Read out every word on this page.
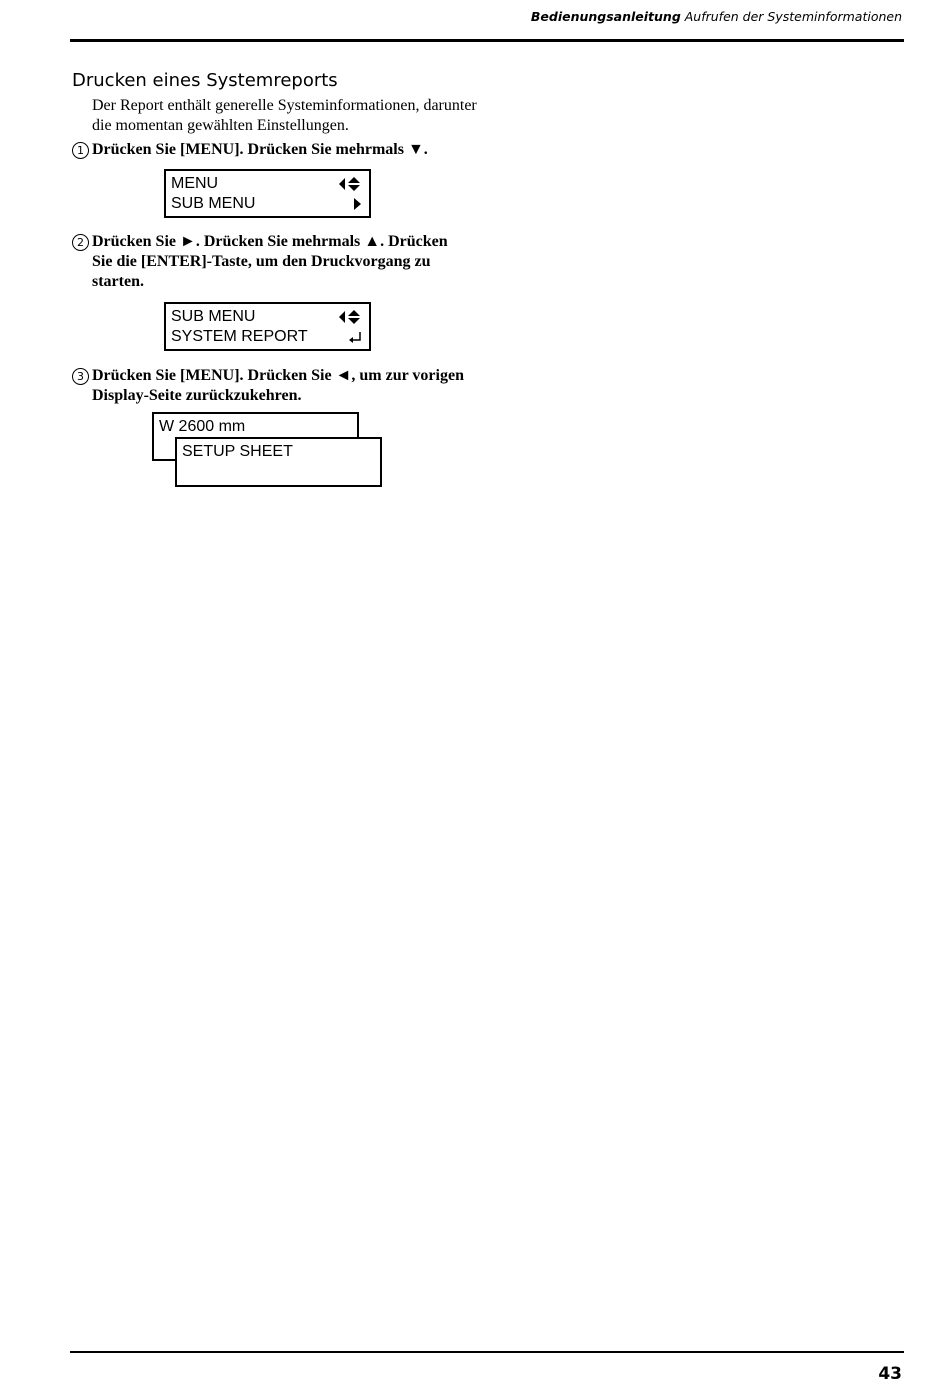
Bedienungsanleitung Aufrufen der Systeminformationen
Drucken eines Systemreports

Der Report enthält generelle Systeminformationen, darunter die momentan gewählten Einstellungen.

1 Drücken Sie [MENU]. Drücken Sie mehrmals ▼.
MENU
SUB MENU
2 Drücken Sie ►. Drücken Sie mehrmals ▲. Drücken Sie die [ENTER]-Taste, um den Druckvorgang zu starten.
SUB MENU
SYSTEM REPORT
3 Drücken Sie [MENU]. Drücken Sie ◄, um zur vorigen Display-Seite zurückzukehren.
W 2600 mm
SETUP SHEET
43
